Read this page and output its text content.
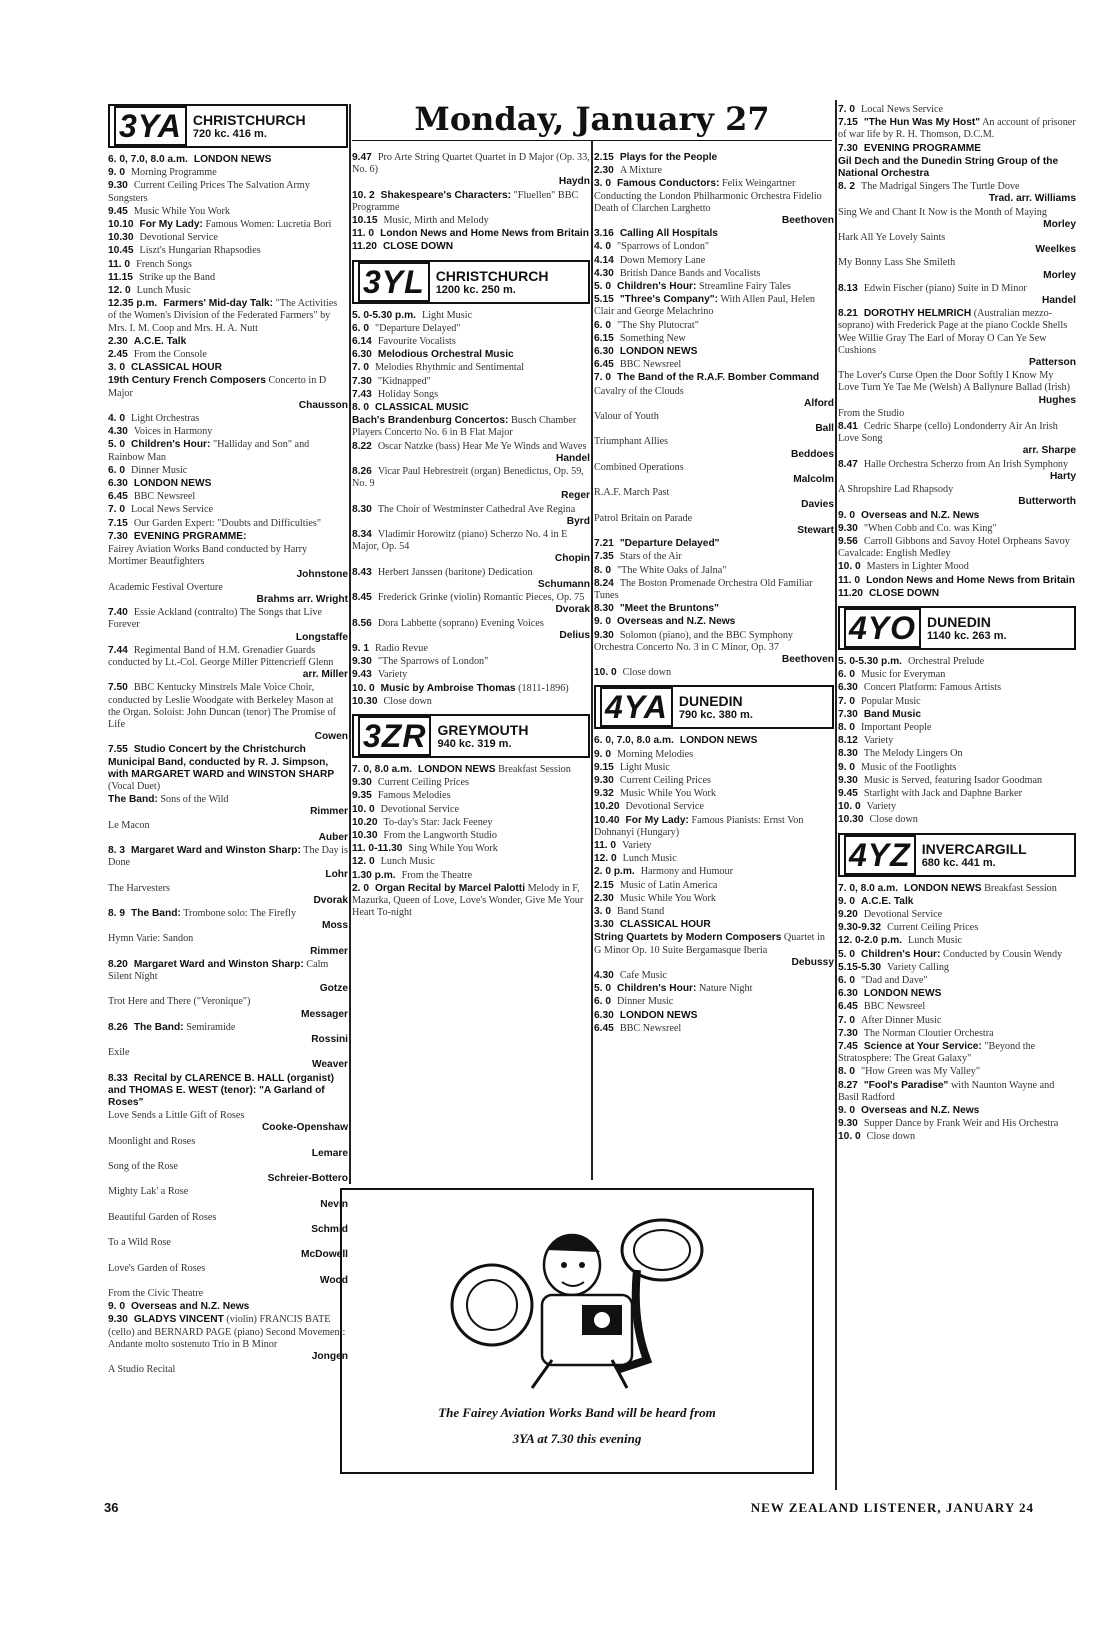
Monday, January 27
3YA CHRISTCHURCH
720 kc. 416 m.
6. 0, 7.0, 8.0 a.m. LONDON NEWS
9. 0 Morning Programme
9.30 Current Ceiling Prices The Salvation Army Songsters
9.45 Music While You Work
10.10 For My Lady: Famous Women: Lucretia Bori
10.30 Devotional Service
10.45 Liszt's Hungarian Rhapsodies
11. 0 French Songs
11.15 Strike up the Band
12. 0 Lunch Music
12.35 p.m. Farmers' Mid-day Talk: "The Activities of the Women's Division of the Federated Farmers" by Mrs. I. M. Coop and Mrs. H. A. Nutt
2.30 A.C.E. Talk
2.45 From the Console
3. 0 CLASSICAL HOUR
19th Century French Composers Concerto in D Major
Chausson
4. 0 Light Orchestras
4.30 Voices in Harmony
5. 0 Children's Hour: "Halliday and Son" and Rainbow Man
6. 0 Dinner Music
6.30 LONDON NEWS
6.45 BBC Newsreel
7. 0 Local News Service
7.15 Our Garden Expert: "Doubts and Difficulties"
7.30 EVENING PRGRAMME:
Fairey Aviation Works Band conducted by Harry Mortimer Beautfighters
Johnstone
Academic Festival Overture
Brahms arr. Wright
7.40 Essie Ackland (contralto) The Songs that Live Forever
Longstaffe
7.44 Regimental Band of H.M. Grenadier Guards conducted by Lt.-Col. George Miller Pittencrieff Glenn
arr. Miller
7.50 BBC Kentucky Minstrels Male Voice Choir, conducted by Leslie Woodgate with Berkeley Mason at the Organ. Soloist: John Duncan (tenor) The Promise of Life
Cowen
7.55 Studio Concert by the Christchurch Municipal Band, conducted by R. J. Simpson, with MARGARET WARD and WINSTON SHARP (Vocal Duet)
The Band: Sons of the Wild
Rimmer
Le Macon
Auber
8. 3 Margaret Ward and Winston Sharp: The Day is Done
Lohr
The Harvesters
Dvorak
8. 9 The Band: Trombone solo: The Firefly
Moss
Hymn Varie: Sandon
Rimmer
8.20 Margaret Ward and Winston Sharp: Calm Silent Night
Gotze
Trot Here and There ("Veronique")
Messager
8.26 The Band: Semiramide
Rossini
Exile
Weaver
8.33 Recital by CLARENCE B. HALL (organist) and THOMAS E. WEST (tenor): "A Garland of Roses"
Love Sends a Little Gift of Roses
Cooke-Openshaw
Moonlight and Roses
Lemare
Song of the Rose
Schreier-Bottero
Mighty Lak' a Rose
Nevin
Beautiful Garden of Roses
Schmid
To a Wild Rose
McDowell
Love's Garden of Roses
Wood
From the Civic Theatre
9. 0 Overseas and N.Z. News
9.30 GLADYS VINCENT (violin) FRANCIS BATE (cello) and BERNARD PAGE (piano) Second Movement: Andante molto sostenuto Trio in B Minor
Jongen
A Studio Recital
9.47 Pro Arte String Quartet Quartet in D Major (Op. 33, No. 6)
Haydn
10. 2 Shakespeare's Characters: "Fluellen" BBC Programme
10.15 Music, Mirth and Melody
11. 0 London News and Home News from Britain
11.20 CLOSE DOWN
3YL CHRISTCHURCH
1200 kc. 250 m.
5. 0-5.30 p.m. Light Music
6. 0 "Departure Delayed"
6.14 Favourite Vocalists
6.30 Melodious Orchestral Music
7. 0 Melodies Rhythmic and Sentimental
7.30 "Kidnapped"
7.43 Holiday Songs
8. 0 CLASSICAL MUSIC
Bach's Brandenburg Concertos: Busch Chamber Players Concerto No. 6 in B Flat Major
8.22 Oscar Natzke (bass) Hear Me Ye Winds and Waves
Handel
8.26 Vicar Paul Hebrestreit (organ) Benedictus, Op. 59, No. 9
Reger
8.30 The Choir of Westminster Cathedral Ave Regina
Byrd
8.34 Vladimir Horowitz (piano) Scherzo No. 4 in E Major, Op. 54
Chopin
8.43 Herbert Janssen (baritone) Dedication
Schumann
8.45 Frederick Grinke (violin) Romantic Pieces, Op. 75
Dvorak
8.56 Dora Labbette (soprano) Evening Voices
Delius
9. 1 Radio Revue
9.30 "The Sparrows of London"
9.43 Variety
10. 0 Music by Ambroise Thomas (1811-1896)
10.30 Close down
3ZR GREYMOUTH
940 kc. 319 m.
7. 0, 8.0 a.m. LONDON NEWS Breakfast Session
9.30 Current Ceiling Prices
9.35 Famous Melodies
10. 0 Devotional Service
10.20 To-day's Star: Jack Feeney
10.30 From the Langworth Studio
11. 0-11.30 Sing While You Work
12. 0 Lunch Music
1.30 p.m. From the Theatre
2. 0 Organ Recital by Marcel Palotti Melody in F, Mazurka, Queen of Love, Love's Wonder, Give Me Your Heart To-night
2.15 Plays for the People
2.30 A Mixture
3. 0 Famous Conductors: Felix Weingartner Conducting the London Philharmonic Orchestra Fidelio Death of Clarchen Larghetto
Beethoven
3.16 Calling All Hospitals
4. 0 "Sparrows of London"
4.14 Down Memory Lane
4.30 British Dance Bands and Vocalists
5. 0 Children's Hour: Streamline Fairy Tales
5.15 "Three's Company": With Allen Paul, Helen Clair and George Melachrino
6. 0 "The Shy Plutocrat"
6.15 Something New
6.30 LONDON NEWS
6.45 BBC Newsreel
7. 0 The Band of the R.A.F. Bomber Command
Cavalry of the Clouds
Alford
Valour of Youth
Ball
Triumphant Allies
Beddoes
Combined Operations
Malcolm
R.A.F. March Past
Davies
Patrol Britain on Parade
Stewart
7.21 "Departure Delayed"
7.35 Stars of the Air
8. 0 "The White Oaks of Jalna"
8.24 The Boston Promenade Orchestra Old Familiar Tunes
8.30 "Meet the Bruntons"
9. 0 Overseas and N.Z. News
9.30 Solomon (piano), and the BBC Symphony Orchestra Concerto No. 3 in C Minor, Op. 37
Beethoven
10. 0 Close down
4YA DUNEDIN
790 kc. 380 m.
6. 0, 7.0, 8.0 a.m. LONDON NEWS
9. 0 Morning Melodies
9.15 Light Music
9.30 Current Ceiling Prices
9.32 Music While You Work
10.20 Devotional Service
10.40 For My Lady: Famous Pianists: Ernst Von Dohnanyi (Hungary)
11. 0 Variety
12. 0 Lunch Music
2. 0 p.m. Harmony and Humour
2.15 Music of Latin America
2.30 Music While You Work
3. 0 Band Stand
3.30 CLASSICAL HOUR
String Quartets by Modern Composers Quartet in G Minor Op. 10 Suite Bergamasque Iberia
Debussy
4.30 Cafe Music
5. 0 Children's Hour: Nature Night
6. 0 Dinner Music
6.30 LONDON NEWS
6.45 BBC Newsreel
7. 0 Local News Service
7.15 "The Hun Was My Host" An account of prisoner of war life by R. H. Thomson, D.C.M.
7.30 EVENING PROGRAMME
Gil Dech and the Dunedin String Group of the National Orchestra
8. 2 The Madrigal Singers The Turtle Dove
Trad. arr. Williams
Sing We and Chant It Now is the Month of Maying
Morley
Hark All Ye Lovely Saints
Weelkes
My Bonny Lass She Smileth
Morley
8.13 Edwin Fischer (piano) Suite in D Minor
Handel
8.21 DOROTHY HELMRICH (Australian mezzo-soprano) with Frederick Page at the piano Cockle Shells Wee Willie Gray The Earl of Moray O Can Ye Sew Cushions
Patterson
The Lover's Curse Open the Door Softly I Know My Love Turn Ye Tae Me (Welsh) A Ballynure Ballad (Irish)
Hughes
From the Studio
8.41 Cedric Sharpe (cello) Londonderry Air An Irish Love Song
arr. Sharpe
8.47 Halle Orchestra Scherzo from An Irish Symphony
Harty
A Shropshire Lad Rhapsody
Butterworth
9. 0 Overseas and N.Z. News
9.30 "When Cobb and Co. was King"
9.56 Carroll Gibbons and Savoy Hotel Orpheans Savoy Cavalcade: English Medley
10. 0 Masters in Lighter Mood
11. 0 London News and Home News from Britain
11.20 CLOSE DOWN
4YO DUNEDIN
1140 kc. 263 m.
5. 0-5.30 p.m. Orchestral Prelude
6. 0 Music for Everyman
6.30 Concert Platform: Famous Artists
7. 0 Popular Music
7.30 Band Music
8. 0 Important People
8.12 Variety
8.30 The Melody Lingers On
9. 0 Music of the Footlights
9.30 Music is Served, featuring Isador Goodman
9.45 Starlight with Jack and Daphne Barker
10. 0 Variety
10.30 Close down
4YZ INVERCARGILL
680 kc. 441 m.
7. 0, 8.0 a.m. LONDON NEWS Breakfast Session
9. 0 A.C.E. Talk
9.20 Devotional Service
9.30-9.32 Current Ceiling Prices
12. 0-2.0 p.m. Lunch Music
5. 0 Children's Hour: Conducted by Cousin Wendy
5.15-5.30 Variety Calling
6. 0 "Dad and Dave"
6.30 LONDON NEWS
6.45 BBC Newsreel
7. 0 After Dinner Music
7.30 The Norman Cloutier Orchestra
7.45 Science at Your Service: "Beyond the Stratosphere: The Great Galaxy"
8. 0 "How Green was My Valley"
8.27 "Fool's Paradise" with Naunton Wayne and Basil Radford
9. 0 Overseas and N.Z. News
9.30 Supper Dance by Frank Weir and His Orchestra
10. 0 Close down
The Fairey Aviation Works Band will be heard from
3YA at 7.30 this evening
36	NEW ZEALAND LISTENER, JANUARY 24
